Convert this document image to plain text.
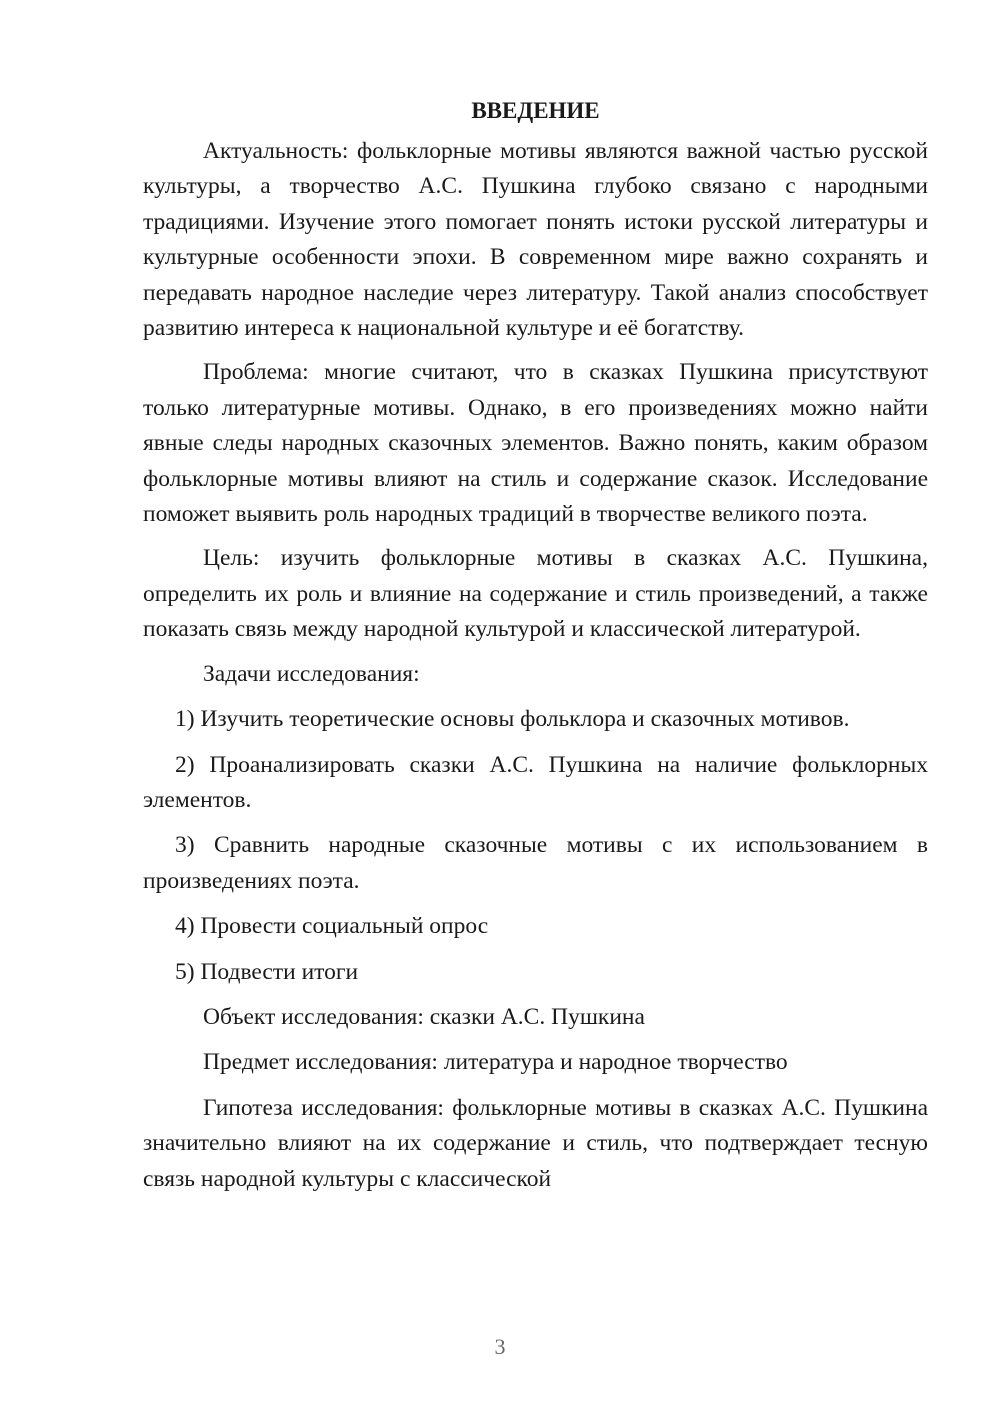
ВВЕДЕНИЕ

Актуальность: фольклорные мотивы являются важной частью русской культуры, а творчество А.С. Пушкина глубоко связано с народными традициями. Изучение этого помогает понять истоки русской литературы и культурные особенности эпохи. В современном мире важно сохранять и передавать народное наследие через литературу. Такой анализ способствует развитию интереса к национальной культуре и её богатству.

Проблема: многие считают, что в сказках Пушкина присутствуют только литературные мотивы. Однако, в его произведениях можно найти явные следы народных сказочных элементов. Важно понять, каким образом фольклорные мотивы влияют на стиль и содержание сказок. Исследование поможет выявить роль народных традиций в творчестве великого поэта.

Цель: изучить фольклорные мотивы в сказках А.С. Пушкина, определить их роль и влияние на содержание и стиль произведений, а также показать связь между народной культурой и классической литературой.

Задачи исследования:

1) Изучить теоретические основы фольклора и сказочных мотивов.

2) Проанализировать сказки А.С. Пушкина на наличие фольклорных элементов.

3) Сравнить народные сказочные мотивы с их использованием в произведениях поэта.

4) Провести социальный опрос

5) Подвести итоги

Объект исследования: сказки А.С. Пушкина

Предмет исследования: литература и народное творчество

Гипотеза исследования: фольклорные мотивы в сказках А.С. Пушкина значительно влияют на их содержание и стиль, что подтверждает тесную связь народной культуры с классической

3
